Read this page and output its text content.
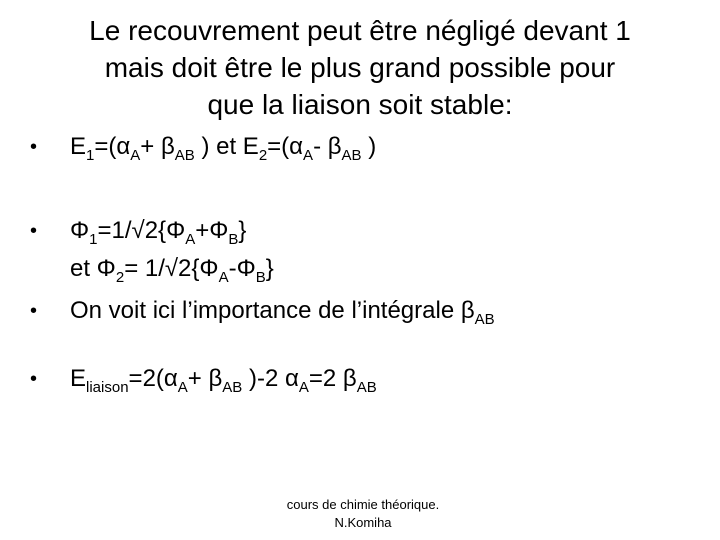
Le recouvrement peut être négligé devant 1
mais doit être le plus grand possible pour
que la liaison soit stable:
• $E_1=(\alpha_A+ \beta_{AB}$ ) et $E_2=(\alpha_A-$ $\beta_{AB}$ )
• $\Phi_1=1/√2\{\Phi_A+\Phi_B\}$
et $\Phi_2= 1/√2\{\Phi_A-\Phi_B\}$
• On voit ici l’importance de l’intégrale $\beta_{AB}$
• $E_{liaison}=2(\alpha_A+ \beta_{AB}$ )-2 $\alpha_A=2$ $\beta_{AB}$
cours de chimie théorique.
N.Komiha
